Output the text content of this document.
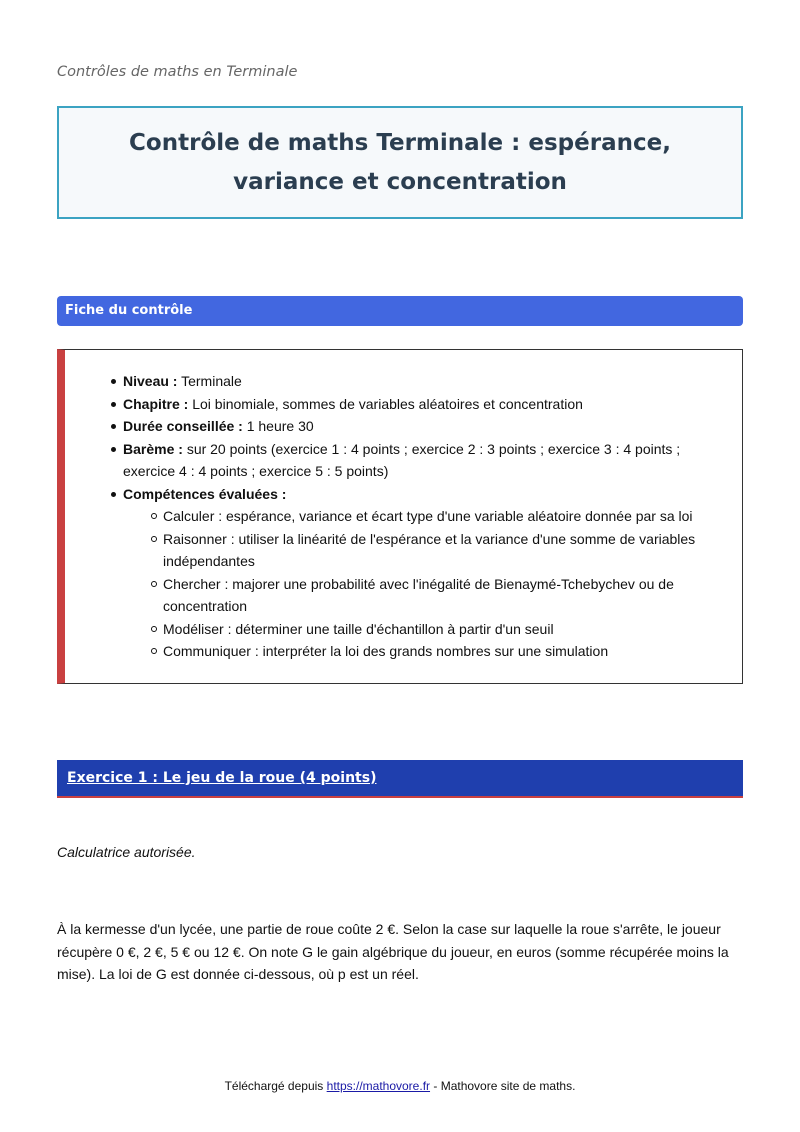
Contrôles de maths en Terminale
Contrôle de maths Terminale : espérance, variance et concentration
Fiche du contrôle
Niveau : Terminale
Chapitre : Loi binomiale, sommes de variables aléatoires et concentration
Durée conseillée : 1 heure 30
Barème : sur 20 points (exercice 1 : 4 points ; exercice 2 : 3 points ; exercice 3 : 4 points ; exercice 4 : 4 points ; exercice 5 : 5 points)
Compétences évaluées :
Calculer : espérance, variance et écart type d'une variable aléatoire donnée par sa loi
Raisonner : utiliser la linéarité de l'espérance et la variance d'une somme de variables indépendantes
Chercher : majorer une probabilité avec l'inégalité de Bienaymé-Tchebychev ou de concentration
Modéliser : déterminer une taille d'échantillon à partir d'un seuil
Communiquer : interpréter la loi des grands nombres sur une simulation
Exercice 1 : Le jeu de la roue (4 points)
Calculatrice autorisée.
À la kermesse d'un lycée, une partie de roue coûte 2 €. Selon la case sur laquelle la roue s'arrête, le joueur récupère 0 €, 2 €, 5 € ou 12 €. On note G le gain algébrique du joueur, en euros (somme récupérée moins la mise). La loi de G est donnée ci-dessous, où p est un réel.
Téléchargé depuis https://mathovore.fr - Mathovore site de maths.
